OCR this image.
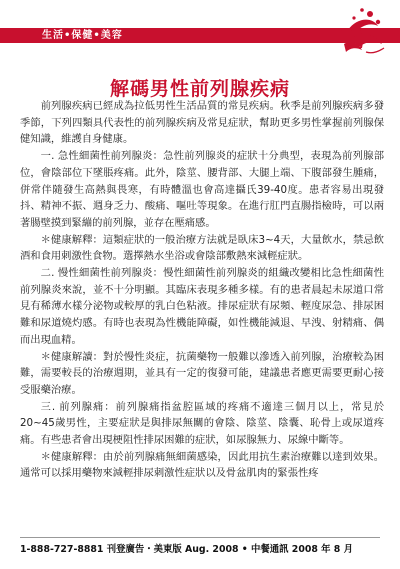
生活•保健•美容
解碼男性前列腺疾病

前列腺疾病已經成為拉低男性生活品質的常見疾病。秋季是前列腺疾病多發季節，下列四類具代表性的前列腺疾病及常見症狀，幫助更多男性掌握前列腺保健知識，維護自身健康。

一. 急性細菌性前列腺炎：急性前列腺炎的症狀十分典型，表現為前列腺部位，會陰部位下墜脹疼痛。此外，陰莖、腰背部、大腿上端、下腹部發生腫痛，併常伴隨發生高熱與畏寒，有時體溫也會高達攝氏39-40度。患者容易出現發抖、精神不振、週身乏力、酸痛、嘔吐等現象。在進行肛門直腸指檢時，可以兩著腸壁摸到緊繃的前列腺，並存在壓痛感。

＊健康解釋：這類症狀的一般治療方法就是臥床3~4天，大量飲水，禁忌飲酒和食用刺激性食物。選擇熱水坐浴或會陰部敷熱來減輕症狀。

二. 慢性細菌性前列腺炎：慢性細菌性前列腺炎的組織改變相比急性細菌性前列腺炎來說，並不十分明顯。其臨床表現多種多樣。有的患者晨起未尿道口常見有稀薄水樣分泌物或較厚的乳白色粘液。排尿症狀有尿頻、輕度尿急、排尿困難和尿道燒灼感。有時也表現為性機能障礙，如性機能減退、早洩、射精痛、偶而出現血精。

＊健康解讀：對於慢性炎症，抗菌藥物一般難以滲透入前列腺，治療較為困難，需要較長的治療週期，並具有一定的復發可能，建議患者應更需要更耐心接受服藥治療。

三. 前列腺痛：前列腺痛指盆腔區域的疼痛不適達三個月以上，常見於20~45歲男性，主要症狀是與排尿無關的會陰、陰莖、陰囊、恥骨上或尿道疼痛。有些患者會出現梗阻性排尿困難的症狀，如尿腺無力、尿線中斷等。

＊健康解釋：由於前列腺痛無細菌感染，因此用抗生素治療難以達到效果。通常可以採用藥物來減輕排尿刺激性症狀以及骨盆肌肉的緊張性疼

1-888-727-8881 刊登廣告・美東版 Aug. 2008 • 中餐通訊 2008 年 8 月
